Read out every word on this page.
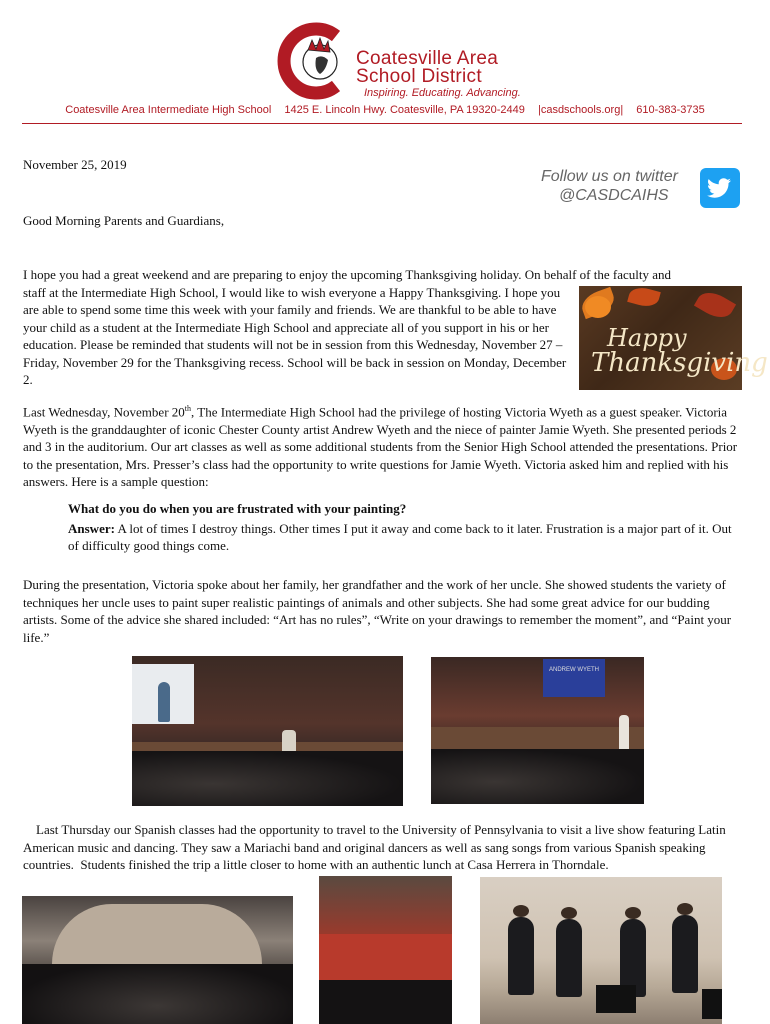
Coatesville Area
School District
Inspiring. Educating. Advancing.
Coatesville Area Intermediate High School 1425 E. Lincoln Hwy. Coatesville, PA 19320-2449 |casdschools.org| 610-383-3735
November 25, 2019
Follow us on twitter
@CASDCAIHS
Good Morning Parents and Guardians,
I hope you had a great weekend and are preparing to enjoy the upcoming Thanksgiving holiday. On behalf of the faculty and
staff at the Intermediate High School, I would like to wish everyone a Happy Thanksgiving. I hope you are able to spend some time this week with your family and friends. We are thankful to be able to have your child as a student at the Intermediate High School and appreciate all of you support in his or her education. Please be reminded that students will not be in session from this Wednesday, November 27 – Friday, November 29 for the Thanksgiving recess. School will be back in session on Monday, December 2.
Happy
Thanksgiving
Last Wednesday, November 20th, The Intermediate High School had the privilege of hosting Victoria Wyeth as a guest speaker. Victoria Wyeth is the granddaughter of iconic Chester County artist Andrew Wyeth and the niece of painter Jamie Wyeth. She presented periods 2 and 3 in the auditorium. Our art classes as well as some additional students from the Senior High School attended the presentations. Prior to the presentation, Mrs. Presser’s class had the opportunity to write questions for Jamie Wyeth. Victoria asked him and replied with his answers. Here is a sample question:
What do you do when you are frustrated with your painting?
Answer: A lot of times I destroy things. Other times I put it away and come back to it later. Frustration is a major part of it. Out of difficulty good things come.
During the presentation, Victoria spoke about her family, her grandfather and the work of her uncle. She showed students the variety of techniques her uncle uses to paint super realistic paintings of animals and other subjects. She had some great advice for our budding artists. Some of the advice she shared included: “Art has no rules”, “Write on your drawings to remember the moment”, and “Paint your life.”
ANDREW WYETH
Last Thursday our Spanish classes had the opportunity to travel to the University of Pennsylvania to visit a live show featuring Latin American music and dancing. They saw a Mariachi band and original dancers as well as sang songs from various Spanish speaking countries.  Students finished the trip a little closer to home with an authentic lunch at Casa Herrera in Thorndale.
